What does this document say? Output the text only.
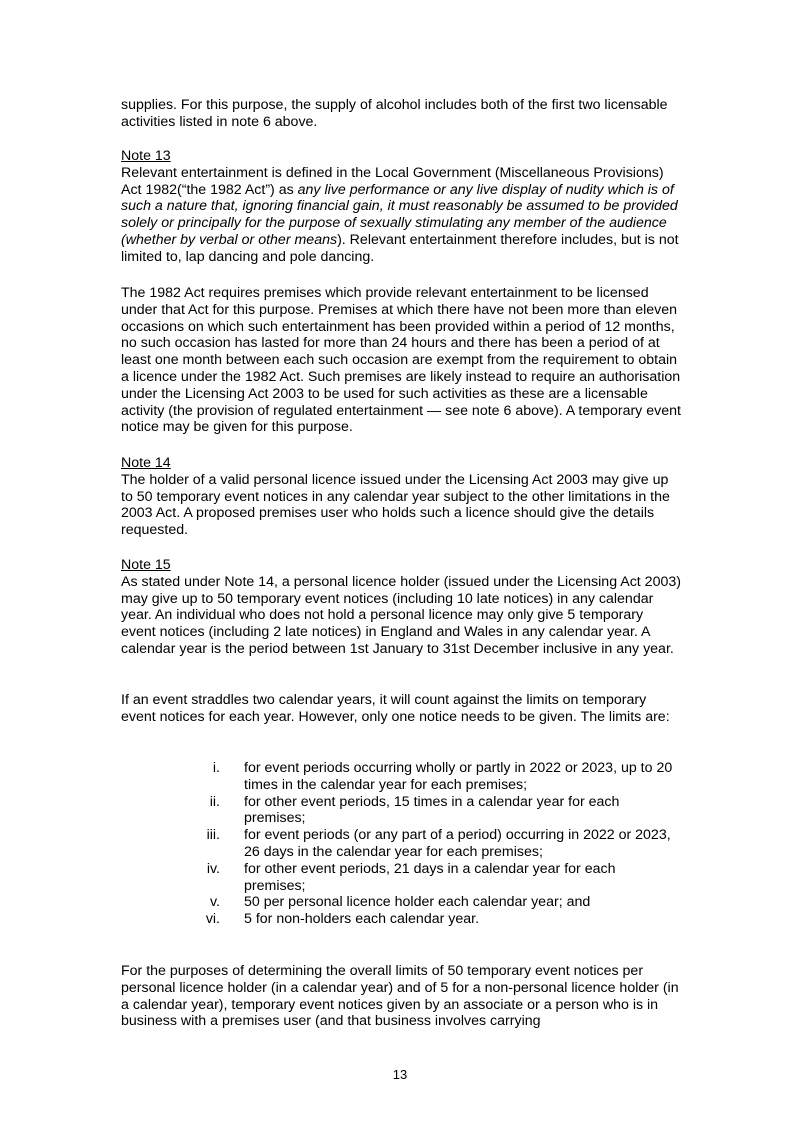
supplies. For this purpose, the supply of alcohol includes both of the first two licensable activities listed in note 6 above.

Note 13
Relevant entertainment is defined in the Local Government (Miscellaneous Provisions) Act 1982(“the 1982 Act”) as any live performance or any live display of nudity which is of such a nature that, ignoring financial gain, it must reasonably be assumed to be provided solely or principally for the purpose of sexually stimulating any member of the audience (whether by verbal or other means). Relevant entertainment therefore includes, but is not limited to, lap dancing and pole dancing.

The 1982 Act requires premises which provide relevant entertainment to be licensed under that Act for this purpose. Premises at which there have not been more than eleven occasions on which such entertainment has been provided within a period of 12 months, no such occasion has lasted for more than 24 hours and there has been a period of at least one month between each such occasion are exempt from the requirement to obtain a licence under the 1982 Act. Such premises are likely instead to require an authorisation under the Licensing Act 2003 to be used for such activities as these are a licensable activity (the provision of regulated entertainment — see note 6 above). A temporary event notice may be given for this purpose.

Note 14
The holder of a valid personal licence issued under the Licensing Act 2003 may give up to 50 temporary event notices in any calendar year subject to the other limitations in the 2003 Act. A proposed premises user who holds such a licence should give the details requested.
Note 15
As stated under Note 14, a personal licence holder (issued under the Licensing Act 2003) may give up to 50 temporary event notices (including 10 late notices) in any calendar year. An individual who does not hold a personal licence may only give 5 temporary event notices (including 2 late notices) in England and Wales in any calendar year. A calendar year is the period between 1st January to 31st December inclusive in any year.

If an event straddles two calendar years, it will count against the limits on temporary event notices for each year. However, only one notice needs to be given. The limits are:

i.	for event periods occurring wholly or partly in 2022 or 2023, up to 20 times in the calendar year for each premises;
ii.	for other event periods, 15 times in a calendar year for each premises;
iii.	for event periods (or any part of a period) occurring in 2022 or 2023, 26 days in the calendar year for each premises;
iv.	for other event periods, 21 days in a calendar year for each premises;
v.	50 per personal licence holder each calendar year; and
vi.	5 for non-holders each calendar year.

For the purposes of determining the overall limits of 50 temporary event notices per personal licence holder (in a calendar year) and of 5 for a non-personal licence holder (in a calendar year), temporary event notices given by an associate or a person who is in business with a premises user (and that business involves carrying

13
